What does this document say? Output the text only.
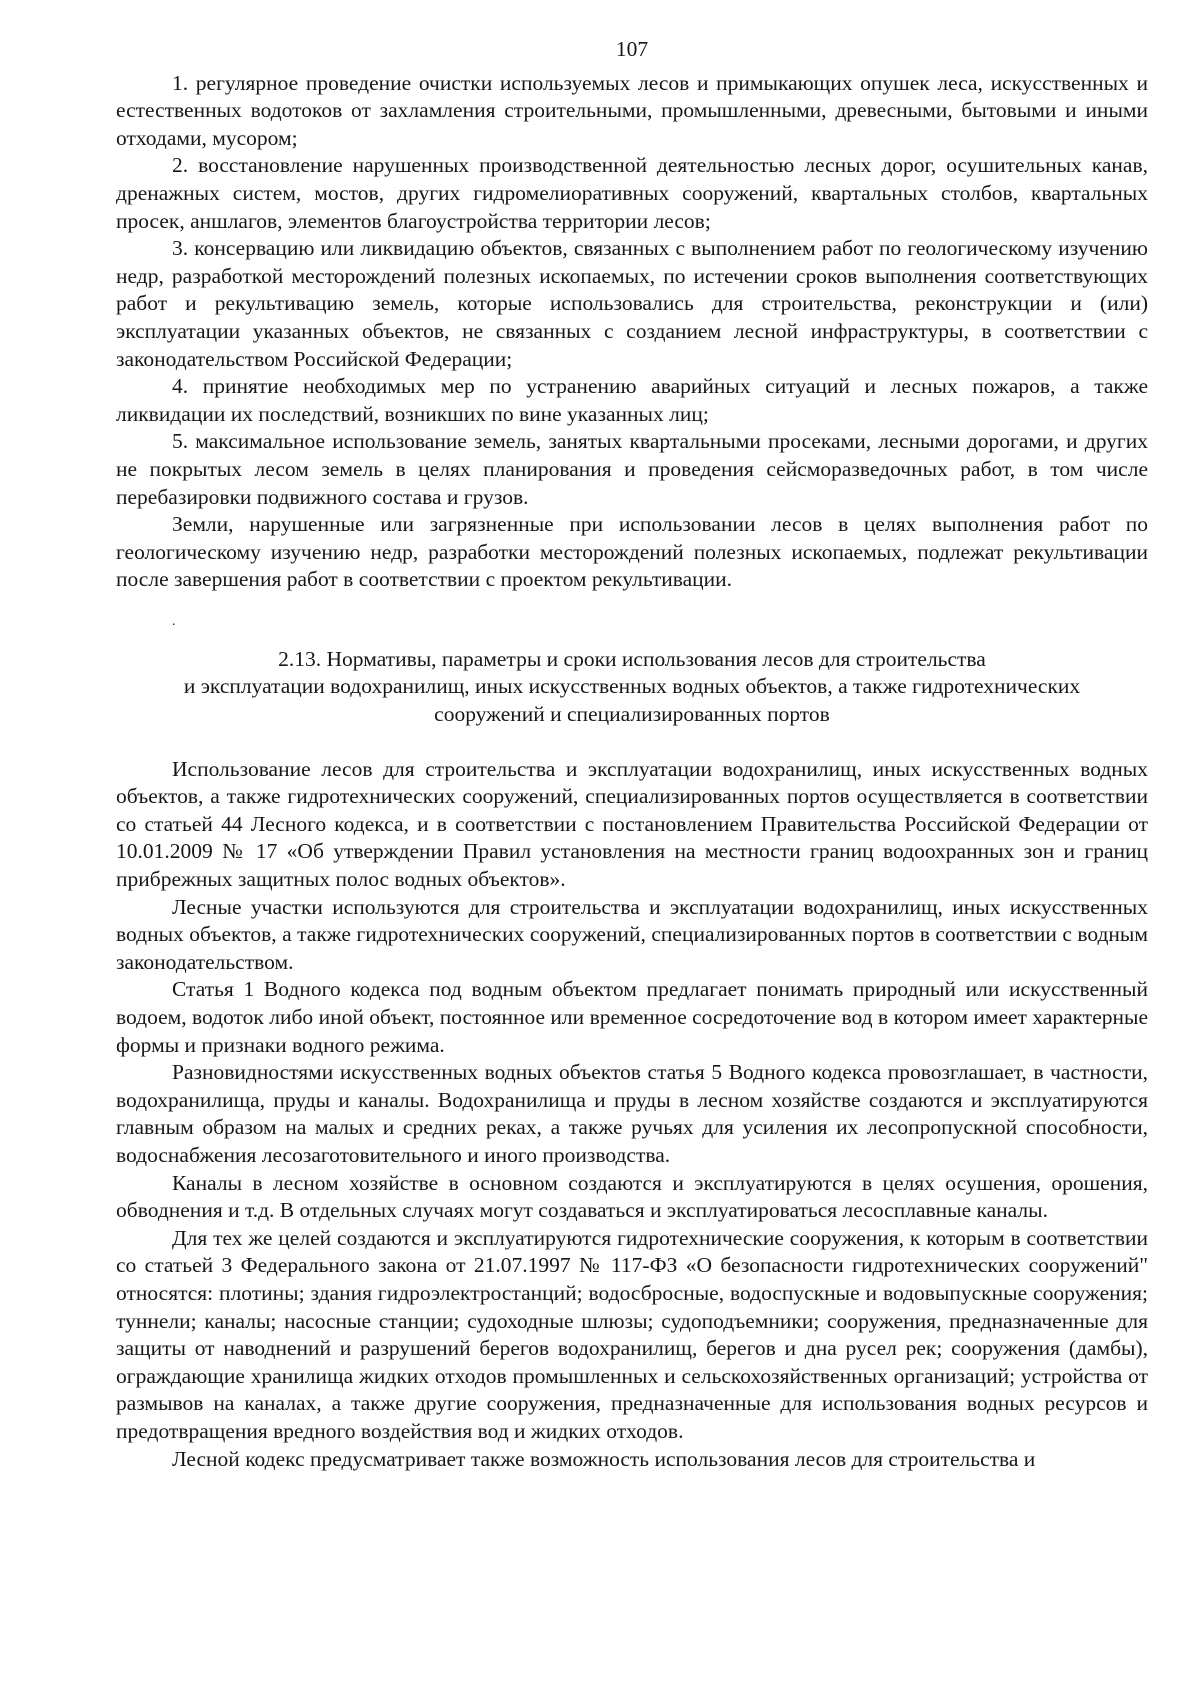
107

1. регулярное проведение очистки используемых лесов и примыкающих опушек леса, искусственных и естественных водотоков от захламления строительными, промышленными, древесными, бытовыми и иными отходами, мусором;

2. восстановление нарушенных производственной деятельностью лесных дорог, осушительных канав, дренажных систем, мостов, других гидромелиоративных сооружений, квартальных столбов, квартальных просек, аншлагов, элементов благоустройства территории лесов;

3. консервацию или ликвидацию объектов, связанных с выполнением работ по геологическому изучению недр, разработкой месторождений полезных ископаемых, по истечении сроков выполнения соответствующих работ и рекультивацию земель, которые использовались для строительства, реконструкции и (или) эксплуатации указанных объектов, не связанных с созданием лесной инфраструктуры, в соответствии с законодательством Российской Федерации;

4. принятие необходимых мер по устранению аварийных ситуаций и лесных пожаров, а также ликвидации их последствий, возникших по вине указанных лиц;

5. максимальное использование земель, занятых квартальными просеками, лесными дорогами, и других не покрытых лесом земель в целях планирования и проведения сейсморазведочных работ, в том числе перебазировки подвижного состава и грузов.

Земли, нарушенные или загрязненные при использовании лесов в целях выполнения работ по геологическому изучению недр, разработки месторождений полезных ископаемых, подлежат рекультивации после завершения работ в соответствии с проектом рекультивации.

.
2.13. Нормативы, параметры и сроки использования лесов для строительства
и эксплуатации водохранилищ, иных искусственных водных объектов, а также гидротехнических
сооружений и специализированных портов

Использование лесов для строительства и эксплуатации водохранилищ, иных искусственных водных объектов, а также гидротехнических сооружений, специализированных портов осуществляется в соответствии со статьей 44 Лесного кодекса, и в соответствии с постановлением Правительства Российской Федерации от 10.01.2009 № 17 «Об утверждении Правил установления на местности границ водоохранных зон и границ прибрежных защитных полос водных объектов».

Лесные участки используются для строительства и эксплуатации водохранилищ, иных искусственных водных объектов, а также гидротехнических сооружений, специализированных портов в соответствии с водным законодательством.

Статья 1 Водного кодекса под водным объектом предлагает понимать природный или искусственный водоем, водоток либо иной объект, постоянное или временное сосредоточение вод в котором имеет характерные формы и признаки водного режима.

Разновидностями искусственных водных объектов статья 5 Водного кодекса провозглашает, в частности, водохранилища, пруды и каналы. Водохранилища и пруды в лесном хозяйстве создаются и эксплуатируются главным образом на малых и средних реках, а также ручьях для усиления их лесопропускной способности, водоснабжения лесозаготовительного и иного производства.

Каналы в лесном хозяйстве в основном создаются и эксплуатируются в целях осушения, орошения, обводнения и т.д. В отдельных случаях могут создаваться и эксплуатироваться лесосплавные каналы.

Для тех же целей создаются и эксплуатируются гидротехнические сооружения, к которым в соответствии со статьей 3 Федерального закона от 21.07.1997 № 117-ФЗ «О безопасности гидротехнических сооружений" относятся: плотины; здания гидроэлектростанций; водосбросные, водоспускные и водовыпускные сооружения; туннели; каналы; насосные станции; судоходные шлюзы; судоподъемники; сооружения, предназначенные для защиты от наводнений и разрушений берегов водохранилищ, берегов и дна русел рек; сооружения (дамбы), ограждающие хранилища жидких отходов промышленных и сельскохозяйственных организаций; устройства от размывов на каналах, а также другие сооружения, предназначенные для использования водных ресурсов и предотвращения вредного воздействия вод и жидких отходов.

Лесной кодекс предусматривает также возможность использования лесов для строительства и
